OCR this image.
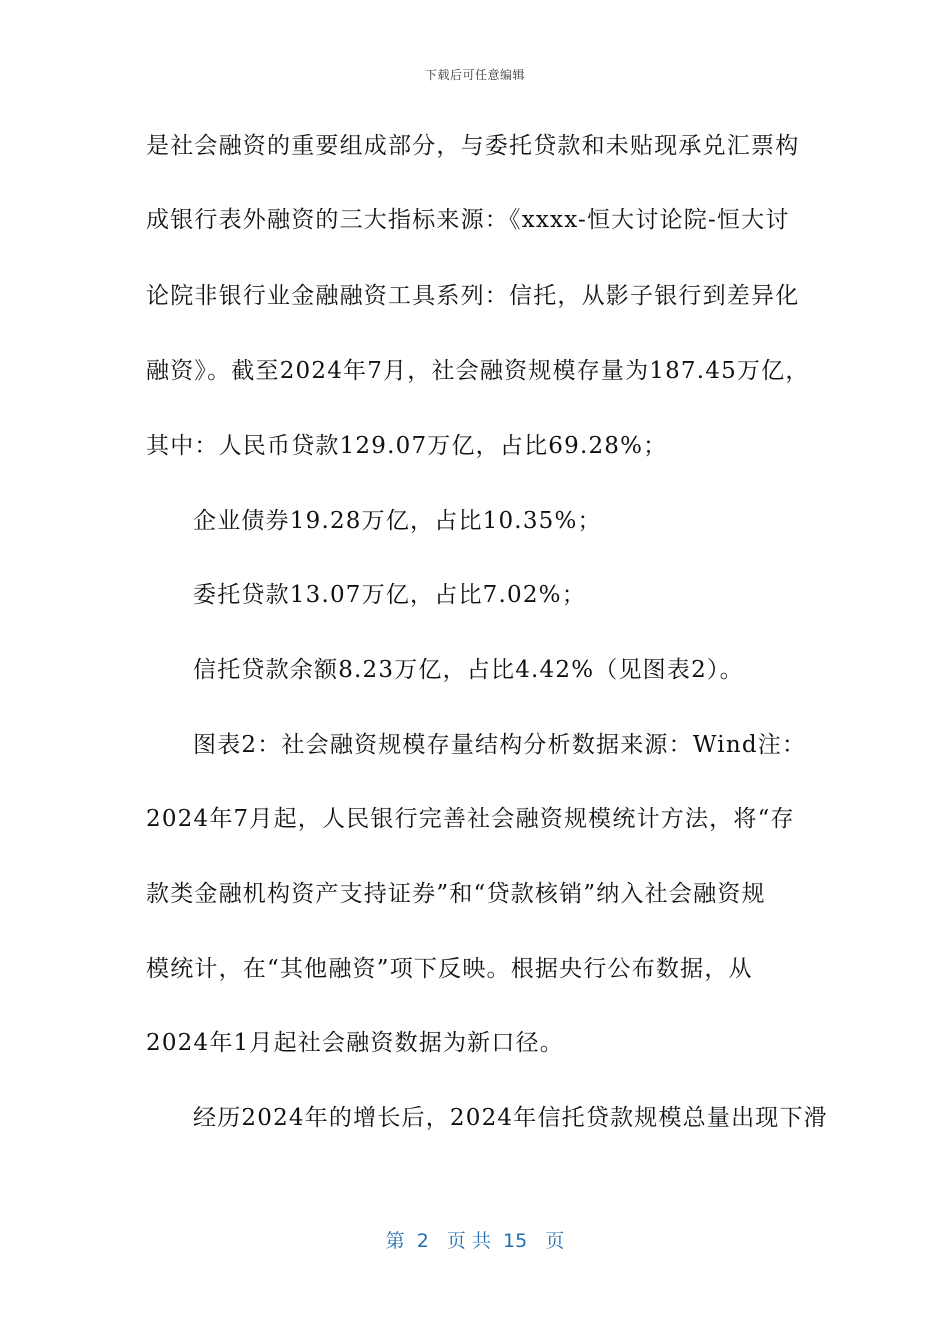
下载后可任意编辑
是社会融资的重要组成部分，与委托贷款和未贴现承兑汇票构
成银行表外融资的三大指标来源：《xxxx-恒大讨论院-恒大讨
论院非银行业金融融资工具系列：信托，从影子银行到差异化
融资》。截至2024年7月，社会融资规模存量为187.45万亿，
其中：人民币贷款129.07万亿，占比69.28%；
企业债券19.28万亿，占比10.35%；
委托贷款13.07万亿，占比7.02%；
信托贷款余额8.23万亿，占比4.42%（见图表2）。
图表2：社会融资规模存量结构分析数据来源：Wind注：
2024年7月起，人民银行完善社会融资规模统计方法，将“存
款类金融机构资产支持证券”和“贷款核销”纳入社会融资规
模统计，在“其他融资”项下反映。根据央行公布数据，从
2024年1月起社会融资数据为新口径。
经历2024年的增长后，2024年信托贷款规模总量出现下滑
第  2   页 共  15   页
